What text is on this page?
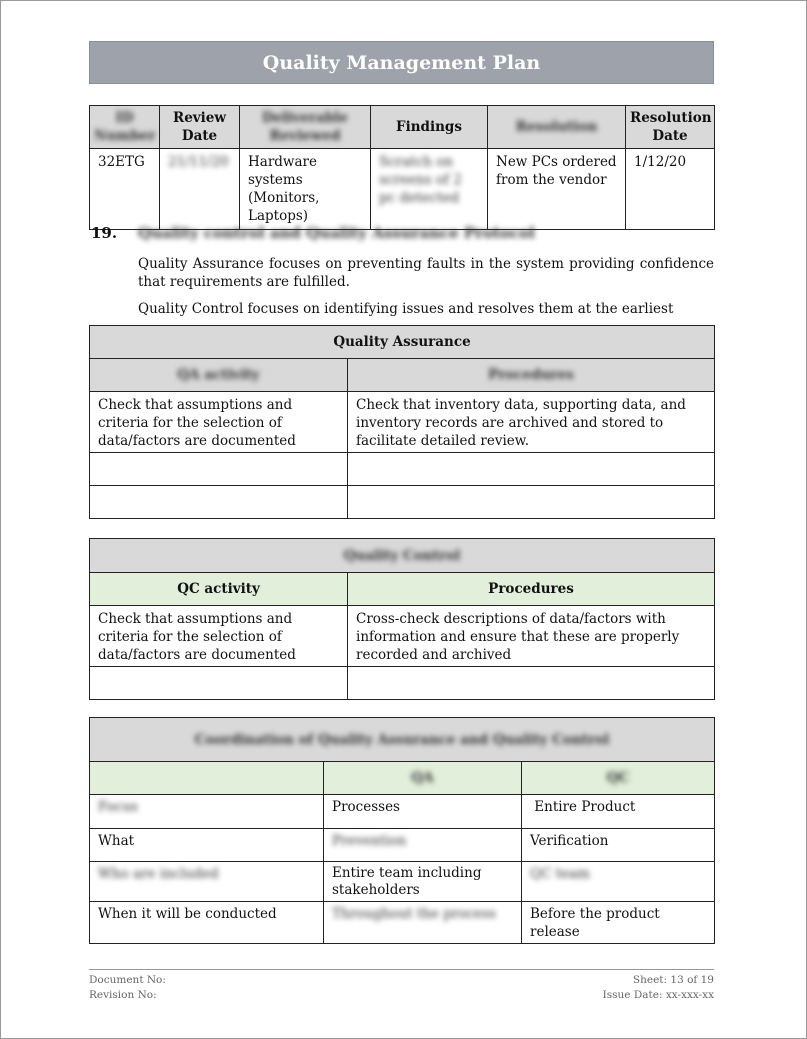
Quality Management Plan
ID Number	Review Date	Deliverable Reviewed	Findings	Resolution	Resolution Date
32ETG	21/11/20	Hardware systems (Monitors, Laptops)	Scratch on screens of 2 pc detected	New PCs ordered from the vendor	1/12/20
19. Quality control and Quality Assurance Protocol
Quality Assurance focuses on preventing faults in the system providing confidence that requirements are fulfilled.
Quality Control focuses on identifying issues and resolves them at the earliest
Quality Assurance	
QA activity	Procedures
Check that assumptions and criteria for the selection of data/factors are documented	Check that inventory data, supporting data, and inventory records are archived and stored to facilitate detailed review.

Quality Control	
QC activity	Procedures
Check that assumptions and criteria for the selection of data/factors are documented	Cross-check descriptions of data/factors with information and ensure that these are properly recorded and archived

Coordination of Quality Assurance and Quality Control		
	QA	QC
Focus	Processes	Entire Product
What	Prevention	Verification
Who are included	Entire team including stakeholders	QC team
When it will be conducted	Throughout the process	Before the product release
Document No:	Sheet: 13 of 19
Revision No:	Issue Date: xx-xxx-xx
